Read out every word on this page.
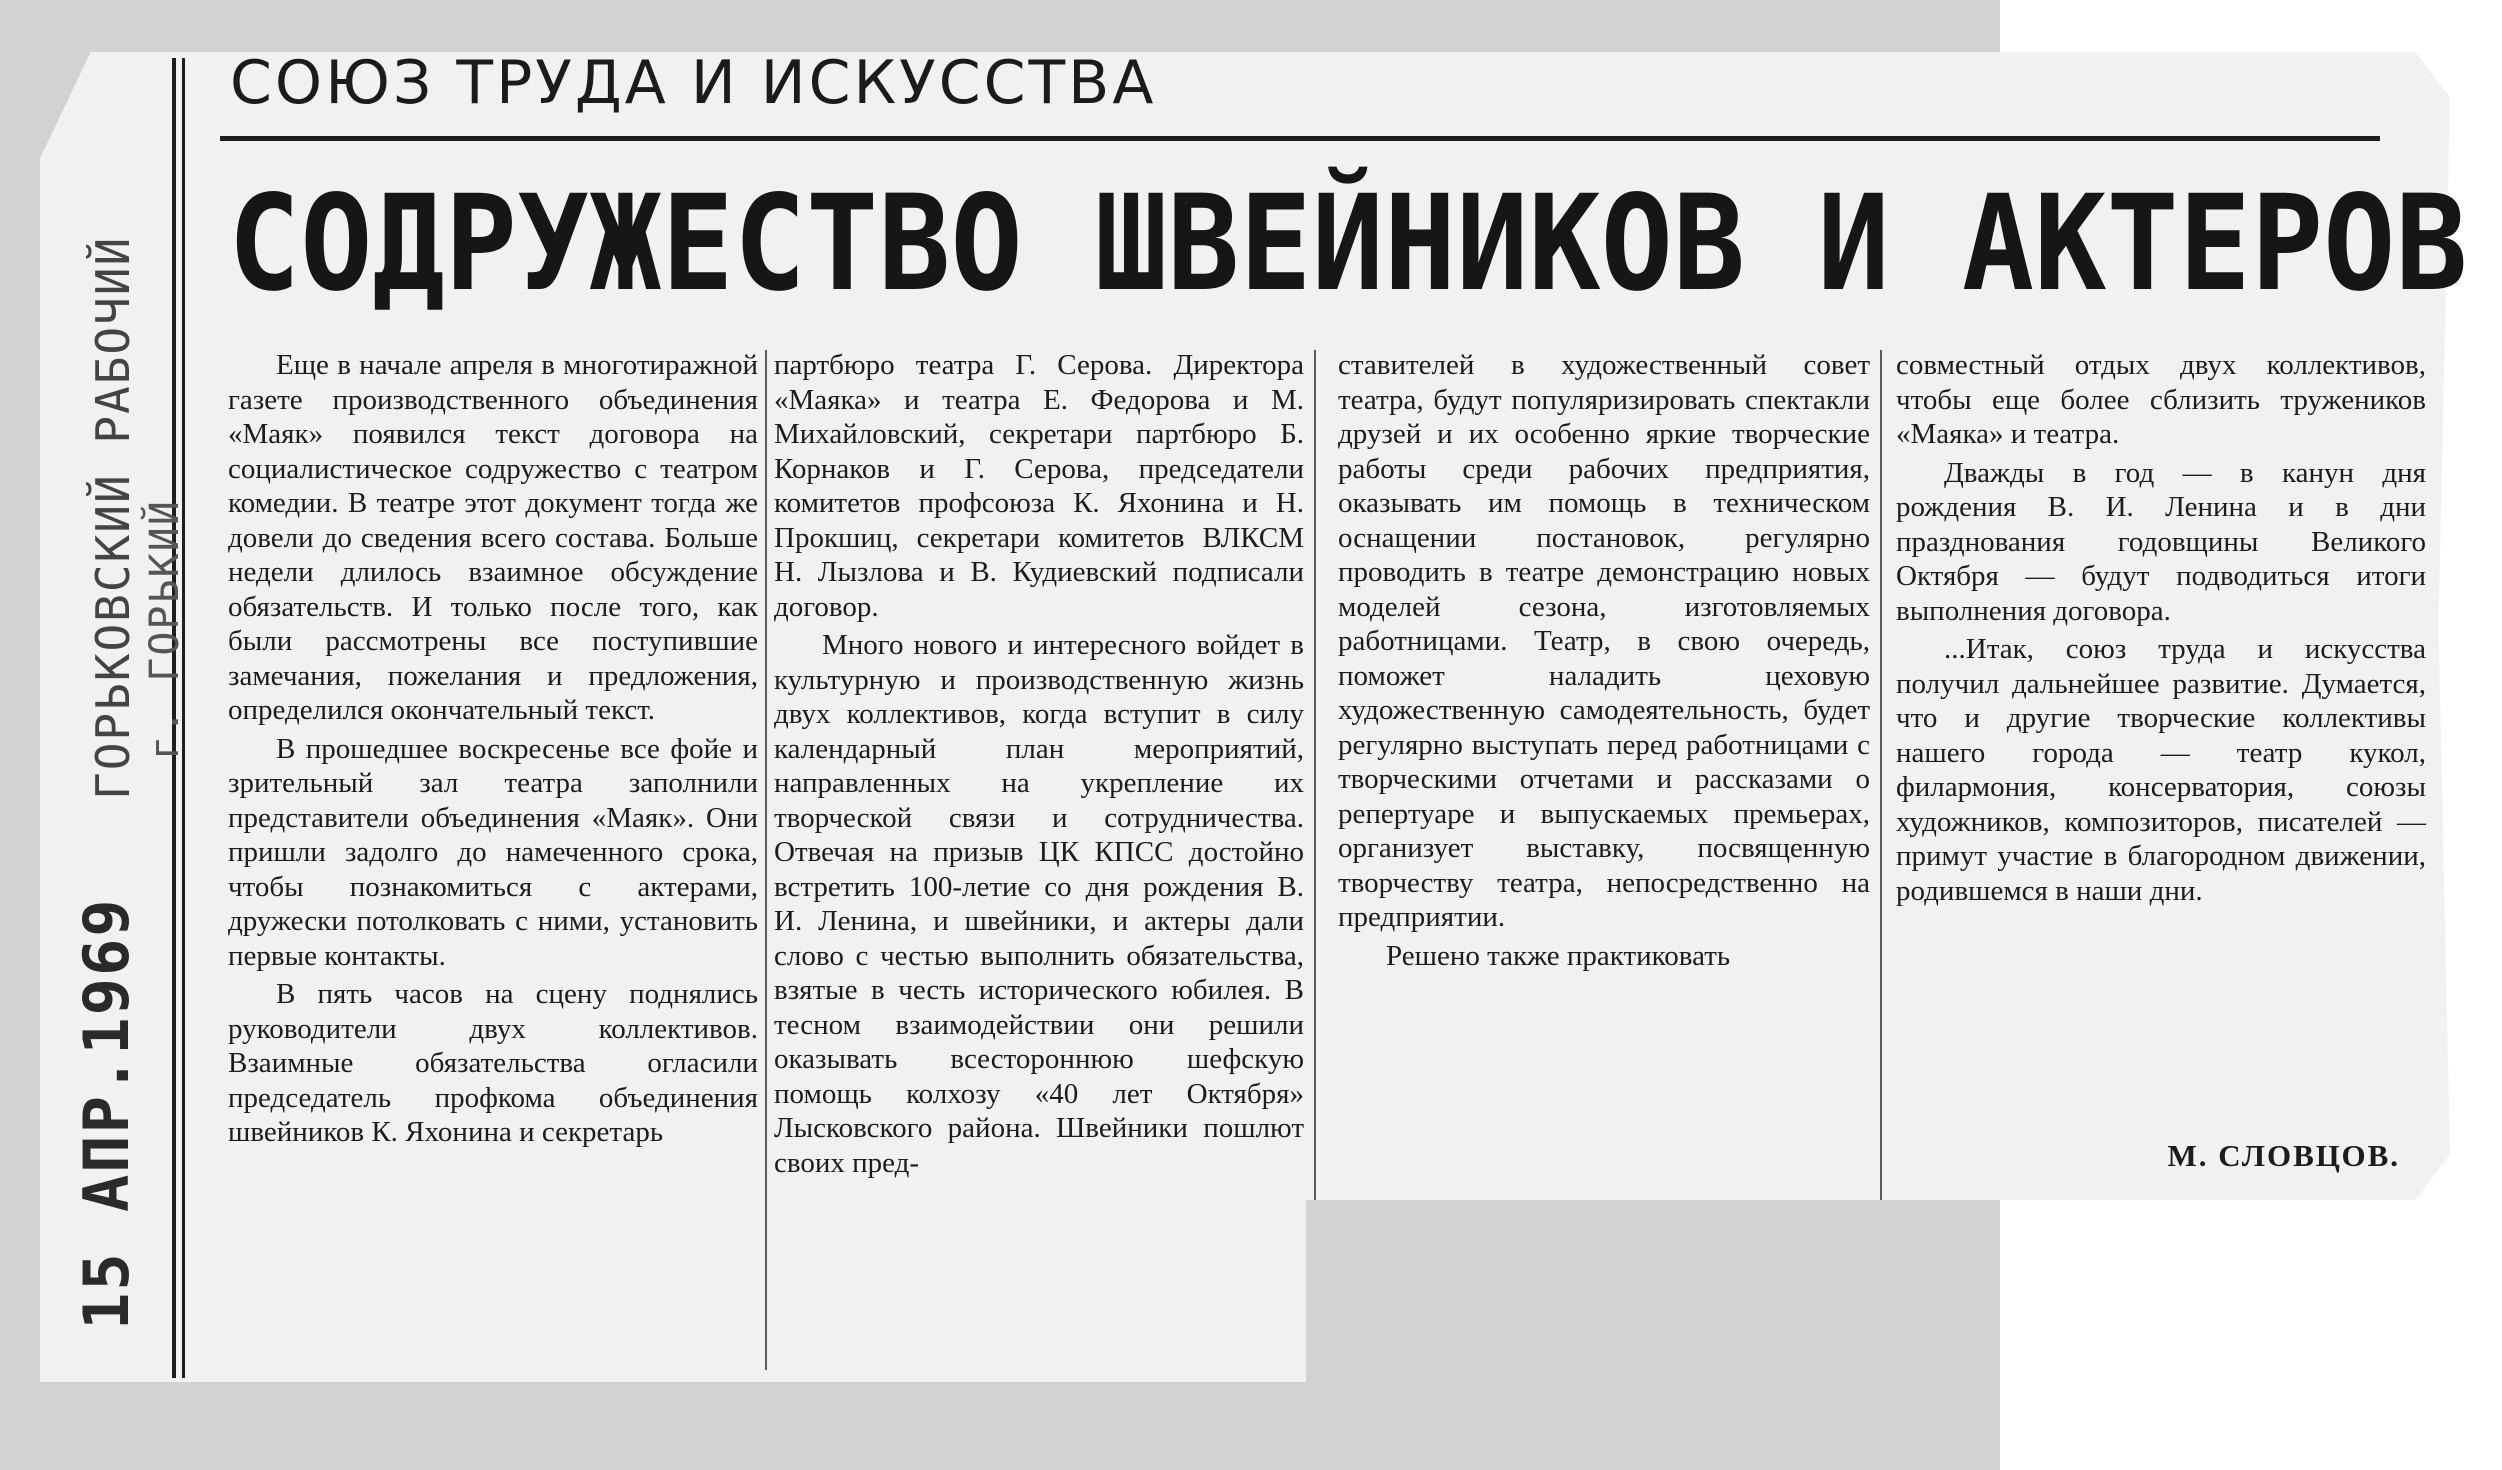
15 АПР.1969
ГОРЬКОВСКИЙ РАБОЧИЙ г. ГОРЬКИЙ
СОЮЗ ТРУДА И ИСКУССТВА
СОДРУЖЕСТВО ШВЕЙНИКОВ И АКТЕРОВ

Еще в начале апреля в многотиражной газете производственного объединения «Маяк» появился текст договора на социалистическое содружество с театром комедии. В театре этот документ тогда же довели до сведения всего состава. Больше недели длилось взаимное обсуждение обязательств. И только после того, как были рассмотрены все поступившие замечания, пожелания и предложения, определился окончательный текст.

В прошедшее воскресенье все фойе и зрительный зал театра заполнили представители объединения «Маяк». Они пришли задолго до намеченного срока, чтобы познакомиться с актерами, дружески потолковать с ними, установить первые контакты.

В пять часов на сцену поднялись руководители двух коллективов. Взаимные обязательства огласили председатель профкома объединения швейников К. Яхонина и секретарь

партбюро театра Г. Серова. Директора «Маяка» и театра Е. Федорова и М. Михайловский, секретари партбюро Б. Корнаков и Г. Серова, председатели комитетов профсоюза К. Яхонина и Н. Прокшиц, секретари комитетов ВЛКСМ Н. Лызлова и В. Кудиевский подписали договор.

Много нового и интересного войдет в культурную и производственную жизнь двух коллективов, когда вступит в силу календарный план мероприятий, направленных на укрепление их творческой связи и сотрудничества. Отвечая на призыв ЦК КПСС достойно встретить 100-летие со дня рождения В. И. Ленина, и швейники, и актеры дали слово с честью выполнить обязательства, взятые в честь исторического юбилея. В тесном взаимодействии они решили оказывать всестороннюю шефскую помощь колхозу «40 лет Октября» Лысковского района. Швейники пошлют своих пред-

ставителей в художественный совет театра, будут популяризировать спектакли друзей и их особенно яркие творческие работы среди рабочих предприятия, оказывать им помощь в техническом оснащении постановок, регулярно проводить в театре демонстрацию новых моделей сезона, изготовляемых работницами. Театр, в свою очередь, поможет наладить цеховую художественную самодеятельность, будет регулярно выступать перед работницами с творческими отчетами и рассказами о репертуаре и выпускаемых премьерах, организует выставку, посвященную творчеству театра, непосредственно на предприятии.

Решено также практиковать

совместный отдых двух коллективов, чтобы еще более сблизить тружеников «Маяка» и театра.

Дважды в год — в канун дня рождения В. И. Ленина и в дни празднования годовщины Великого Октября — будут подводиться итоги выполнения договора.

...Итак, союз труда и искусства получил дальнейшее развитие. Думается, что и другие творческие коллективы нашего города — театр кукол, филармония, консерватория, союзы художников, композиторов, писателей — примут участие в благородном движении, родившемся в наши дни.

М. СЛОВЦОВ.
